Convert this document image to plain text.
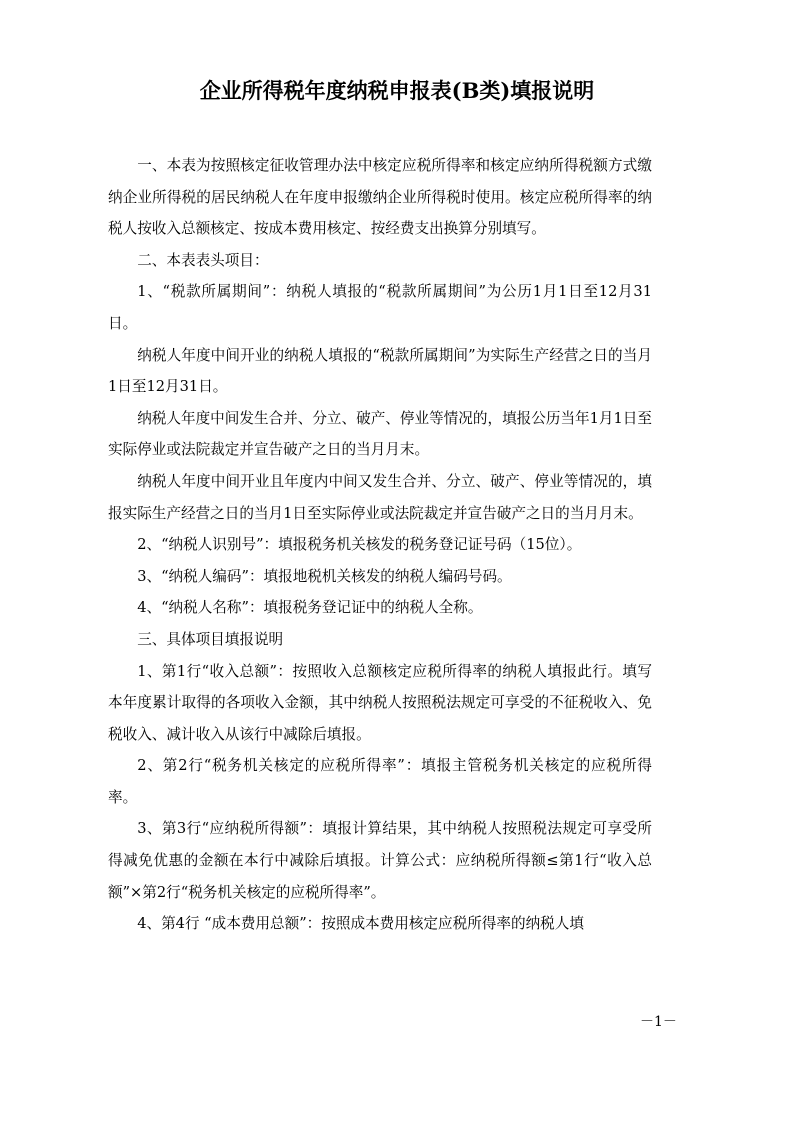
企业所得税年度纳税申报表(B类)填报说明

一、本表为按照核定征收管理办法中核定应税所得率和核定应纳所得税额方式缴纳企业所得税的居民纳税人在年度申报缴纳企业所得税时使用。核定应税所得率的纳税人按收入总额核定、按成本费用核定、按经费支出换算分别填写。

二、本表表头项目：

1、“税款所属期间”：纳税人填报的“税款所属期间”为公历1月1日至12月31日。

纳税人年度中间开业的纳税人填报的“税款所属期间”为实际生产经营之日的当月1日至12月31日。

纳税人年度中间发生合并、分立、破产、停业等情况的，填报公历当年1月1日至实际停业或法院裁定并宣告破产之日的当月月末。

纳税人年度中间开业且年度内中间又发生合并、分立、破产、停业等情况的，填报实际生产经营之日的当月1日至实际停业或法院裁定并宣告破产之日的当月月末。

2、“纳税人识别号”：填报税务机关核发的税务登记证号码（15位）。

3、“纳税人编码”：填报地税机关核发的纳税人编码号码。

4、“纳税人名称”：填报税务登记证中的纳税人全称。

三、具体项目填报说明

1、第1行“收入总额”：按照收入总额核定应税所得率的纳税人填报此行。填写本年度累计取得的各项收入金额，其中纳税人按照税法规定可享受的不征税收入、免税收入、减计收入从该行中减除后填报。

2、第2行“税务机关核定的应税所得率”：填报主管税务机关核定的应税所得率。

3、第3行“应纳税所得额”：填报计算结果，其中纳税人按照税法规定可享受所得减免优惠的金额在本行中减除后填报。计算公式：应纳税所得额≤第1行“收入总额”×第2行“税务机关核定的应税所得率”。

4、第4行 “成本费用总额”：按照成本费用核定应税所得率的纳税人填

－1－
